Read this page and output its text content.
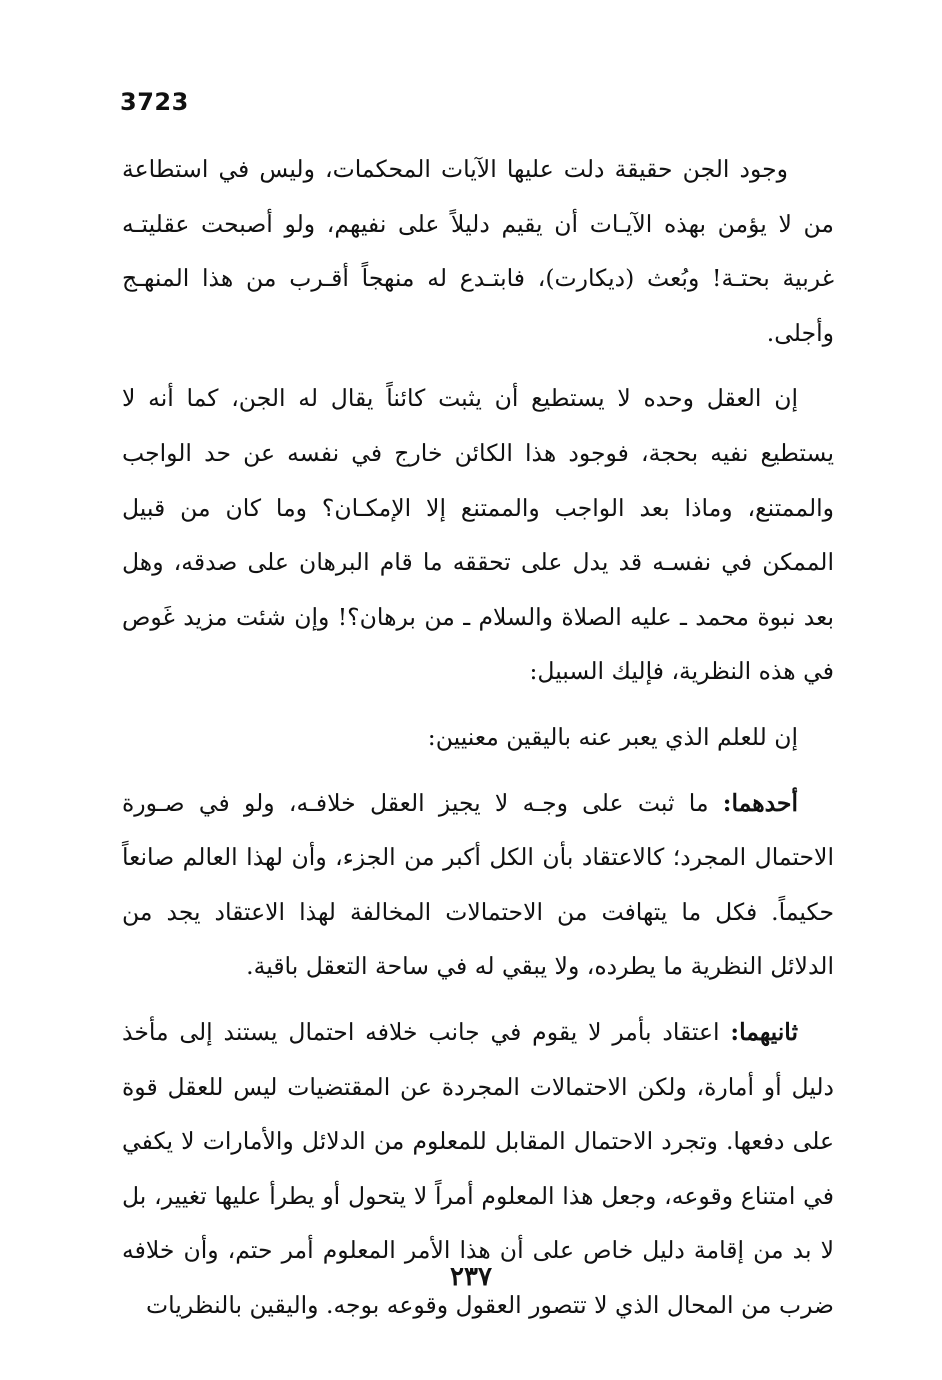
3723

وجود الجن حقيقة دلت عليها الآيات المحكمات، وليس في استطاعة من لا يؤمن بهذه الآيـات أن يقيم دليلاً على نفيهم، ولو أصبحت عقليتـه غربية بحتـة! وبُعث (ديكارت)، فابتـدع له منهجاً أقـرب من هذا المنهـج وأجلى.

إن العقل وحده لا يستطيع أن يثبت كائناً يقال له الجن، كما أنه لا يستطيع نفيه بحجة، فوجود هذا الكائن خارج في نفسه عن حد الواجب والممتنع، وماذا بعد الواجب والممتنع إلا الإمكـان؟ وما كان من قبيل الممكن في نفسـه قد يدل على تحققه ما قام البرهان على صدقه، وهل بعد نبوة محمد ـ عليه الصلاة والسلام ـ من برهان؟! وإن شئت مزيد غَوص في هذه النظرية، فإليك السبيل:

إن للعلم الذي يعبر عنه باليقين معنيين:

أحدهما: ما ثبت على وجـه لا يجيز العقل خلافـه، ولو في صـورة الاحتمال المجرد؛ كالاعتقاد بأن الكل أكبر من الجزء، وأن لهذا العالم صانعاً حكيماً. فكل ما يتهافت من الاحتمالات المخالفة لهذا الاعتقاد يجد من الدلائل النظرية ما يطرده، ولا يبقي له في ساحة التعقل باقية.

ثانيهما: اعتقاد بأمر لا يقوم في جانب خلافه احتمال يستند إلى مأخذ دليل أو أمارة، ولكن الاحتمالات المجردة عن المقتضيات ليس للعقل قوة على دفعها. وتجرد الاحتمال المقابل للمعلوم من الدلائل والأمارات لا يكفي في امتناع وقوعه، وجعل هذا المعلوم أمراً لا يتحول أو يطرأ عليها تغيير، بل لا بد من إقامة دليل خاص على أن هذا الأمر المعلوم أمر حتم، وأن خلافه ضرب من المحال الذي لا تتصور العقول وقوعه بوجه. واليقين بالنظريات

٢٣٧
